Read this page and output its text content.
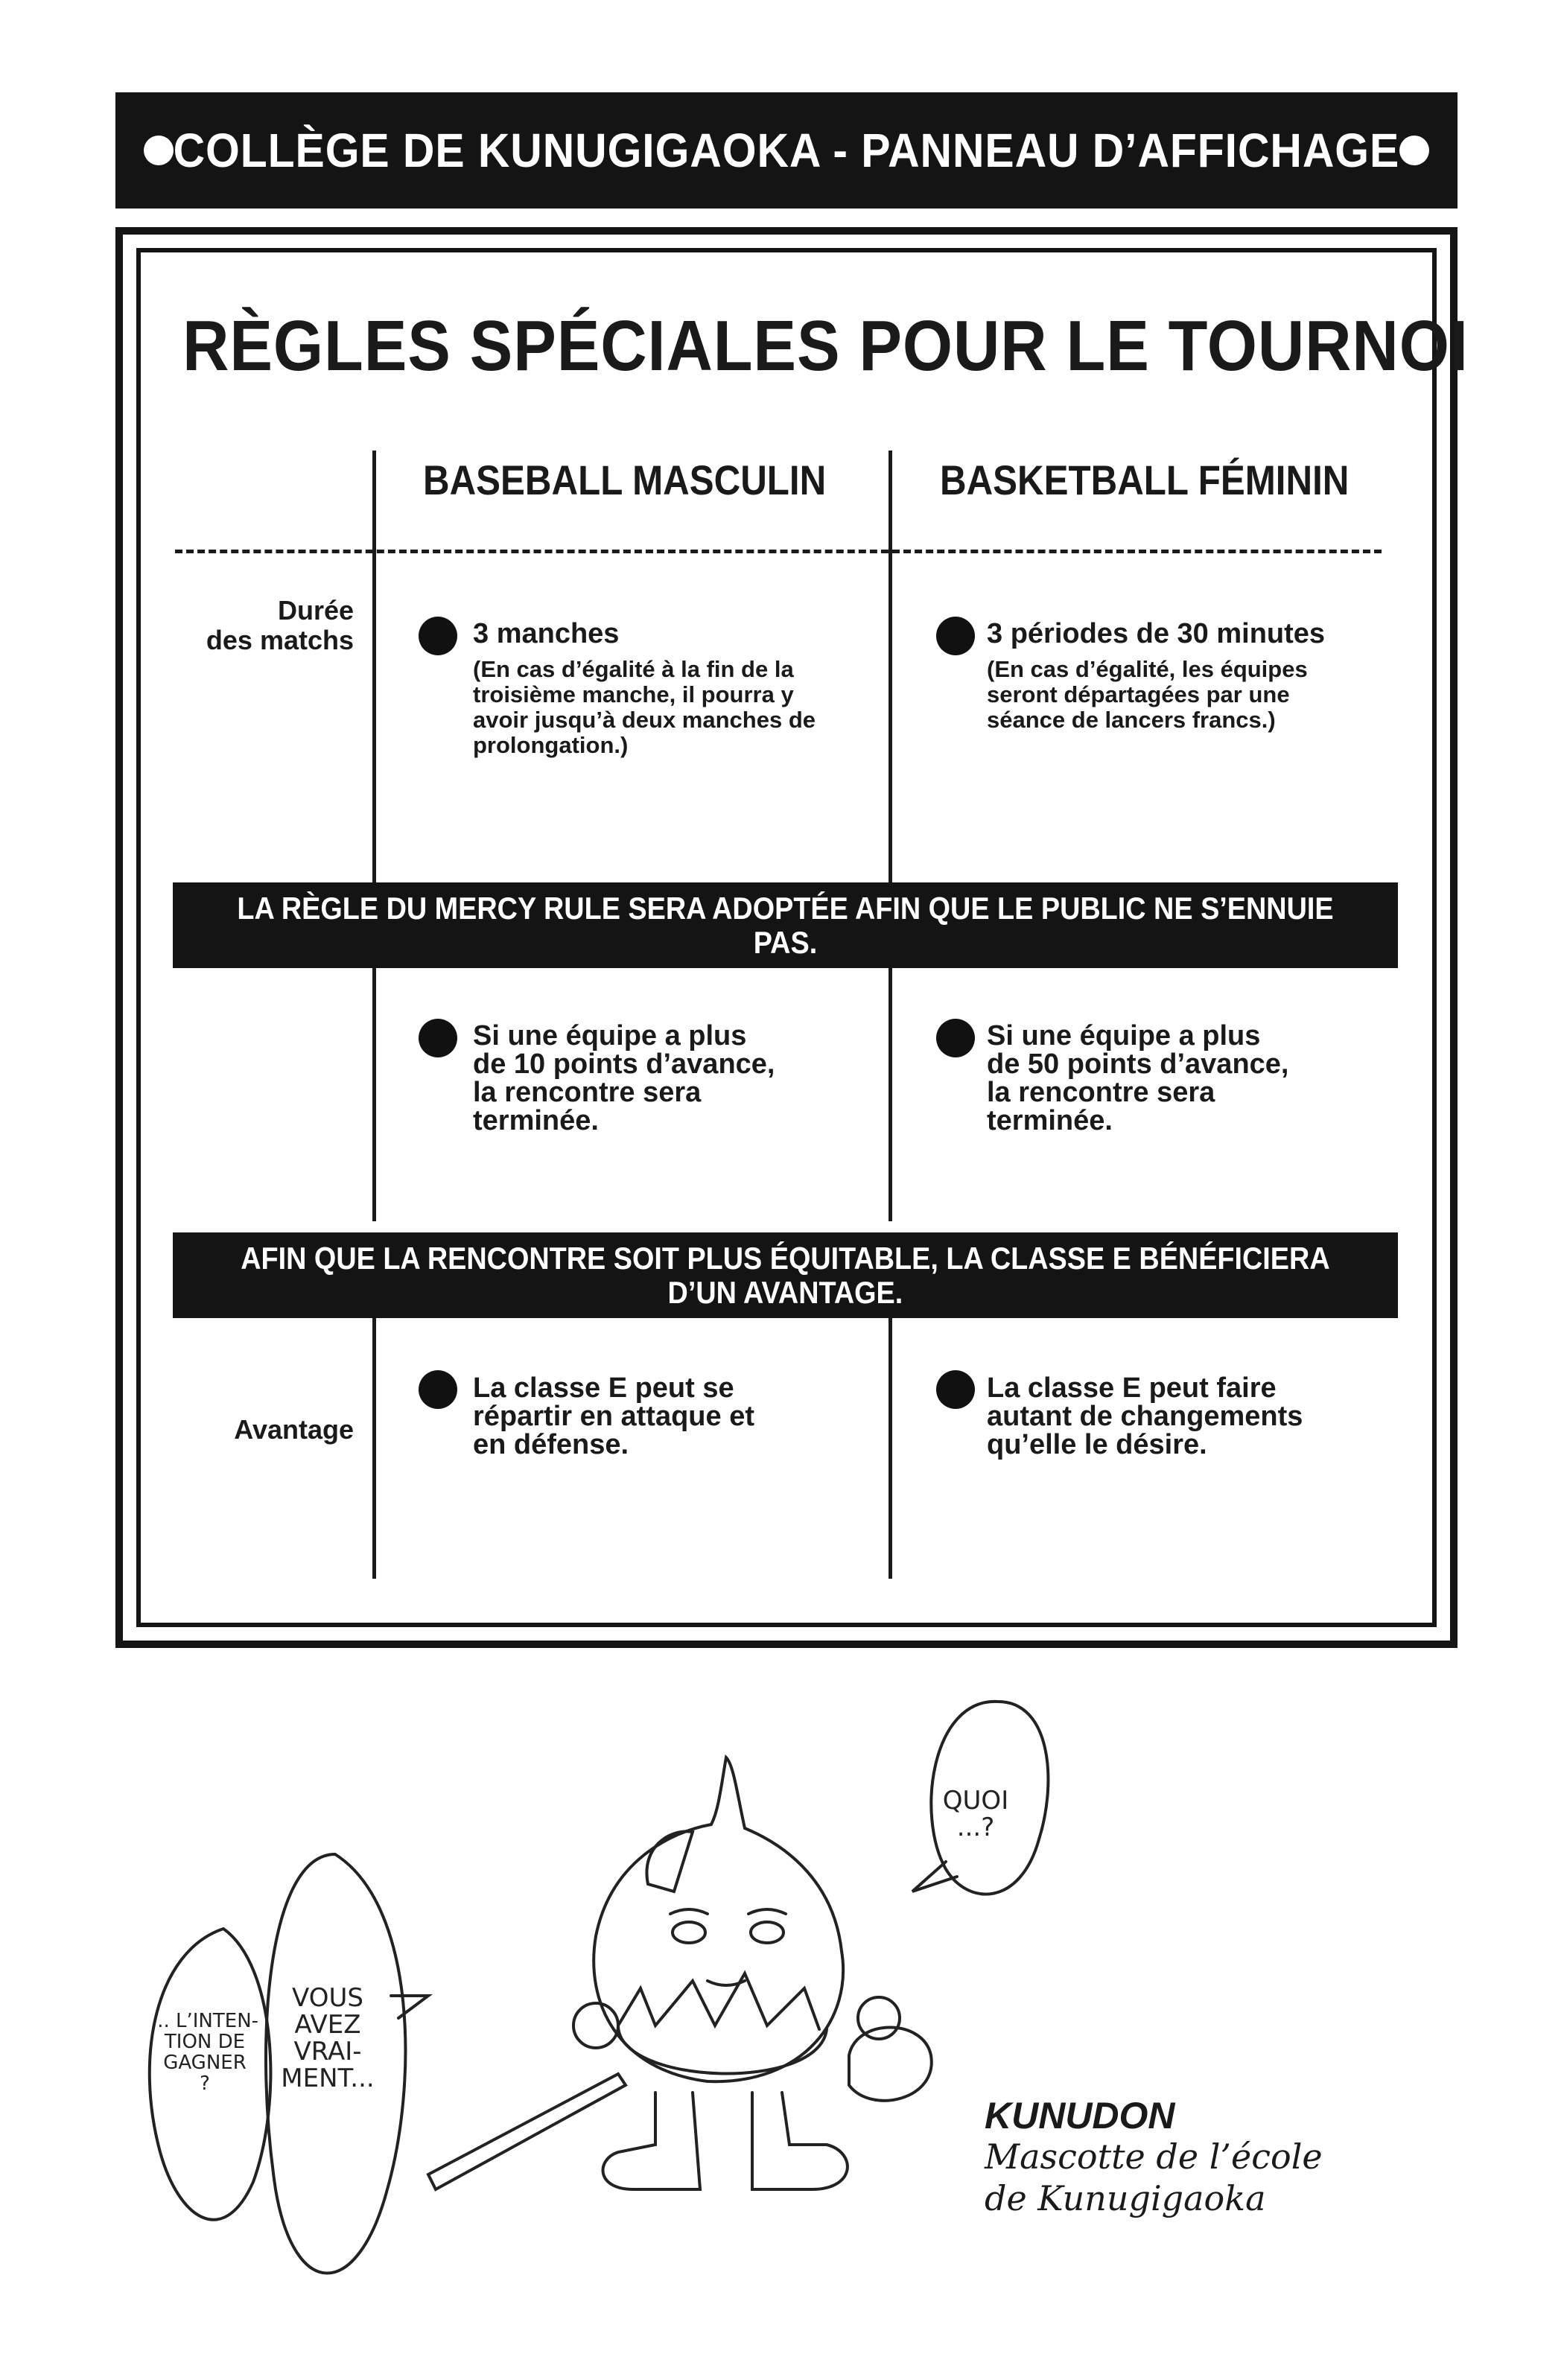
COLLÈGE DE KUNUGIGAOKA - PANNEAU D’AFFICHAGE
RÈGLES SPÉCIALES POUR LE TOURNOI
BASEBALL MASCULIN	BASKETBALL FÉMININ
Durée
des matchs	3 manches
(En cas d’égalité à la fin de la troisième manche, il pourra y avoir jusqu’à deux manches de prolongation.)
3 périodes de 30 minutes
(En cas d’égalité, les équipes seront départagées par une séance de lancers francs.)
LA RÈGLE DU MERCY RULE SERA ADOPTÉE AFIN QUE LE PUBLIC NE S’ENNUIE PAS.
Si une équipe a plus de 10 points d’avance, la rencontre sera terminée.
Si une équipe a plus de 50 points d’avance, la rencontre sera terminée.
AFIN QUE LA RENCONTRE SOIT PLUS ÉQUITABLE, LA CLASSE E BÉNÉFICIERA
D’UN AVANTAGE.
Avantage
La classe E peut se répartir en attaque et en défense.
La classe E peut faire autant de changements qu’elle le désire.
... L’INTEN-
TION DE
GAGNER
?
VOUS
AVEZ
VRAI-
MENT...
QUOI
...?
KUNUDON
Mascotte de l’école
de Kunugigaoka
